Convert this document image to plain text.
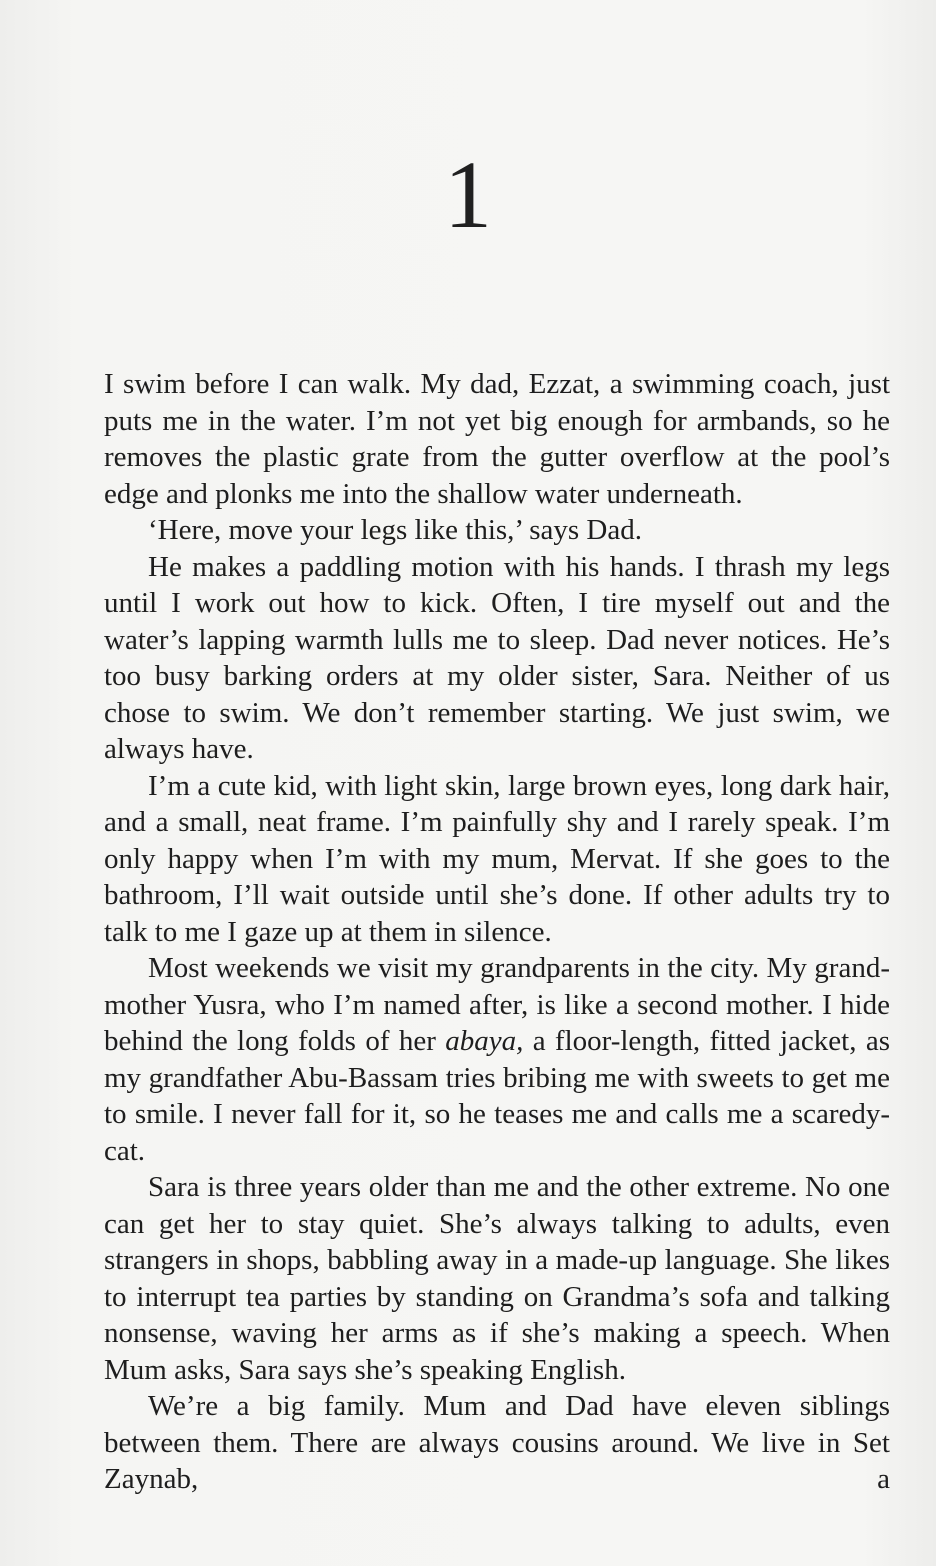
1

I swim before I can walk. My dad, Ezzat, a swimming coach, just puts me in the water. I’m not yet big enough for armbands, so he removes the plastic grate from the gutter overflow at the pool’s edge and plonks me into the shallow water underneath.

‘Here, move your legs like this,’ says Dad.

He makes a paddling motion with his hands. I thrash my legs until I work out how to kick. Often, I tire myself out and the water’s lapping warmth lulls me to sleep. Dad never notices. He’s too busy barking orders at my older sister, Sara. Neither of us chose to swim. We don’t remember starting. We just swim, we always have.

I’m a cute kid, with light skin, large brown eyes, long dark hair, and a small, neat frame. I’m painfully shy and I rarely speak. I’m only happy when I’m with my mum, Mervat. If she goes to the bathroom, I’ll wait outside until she’s done. If other adults try to talk to me I gaze up at them in silence.

Most weekends we visit my grandparents in the city. My grandmother Yusra, who I’m named after, is like a second mother. I hide behind the long folds of her abaya, a floor-length, fitted jacket, as my grandfather Abu-Bassam tries bribing me with sweets to get me to smile. I never fall for it, so he teases me and calls me a scaredy-cat.

Sara is three years older than me and the other extreme. No one can get her to stay quiet. She’s always talking to adults, even strangers in shops, babbling away in a made-up language. She likes to interrupt tea parties by standing on Grandma’s sofa and talking nonsense, waving her arms as if she’s making a speech. When Mum asks, Sara says she’s speaking English.

We’re a big family. Mum and Dad have eleven siblings between them. There are always cousins around. We live in Set Zaynab, a
